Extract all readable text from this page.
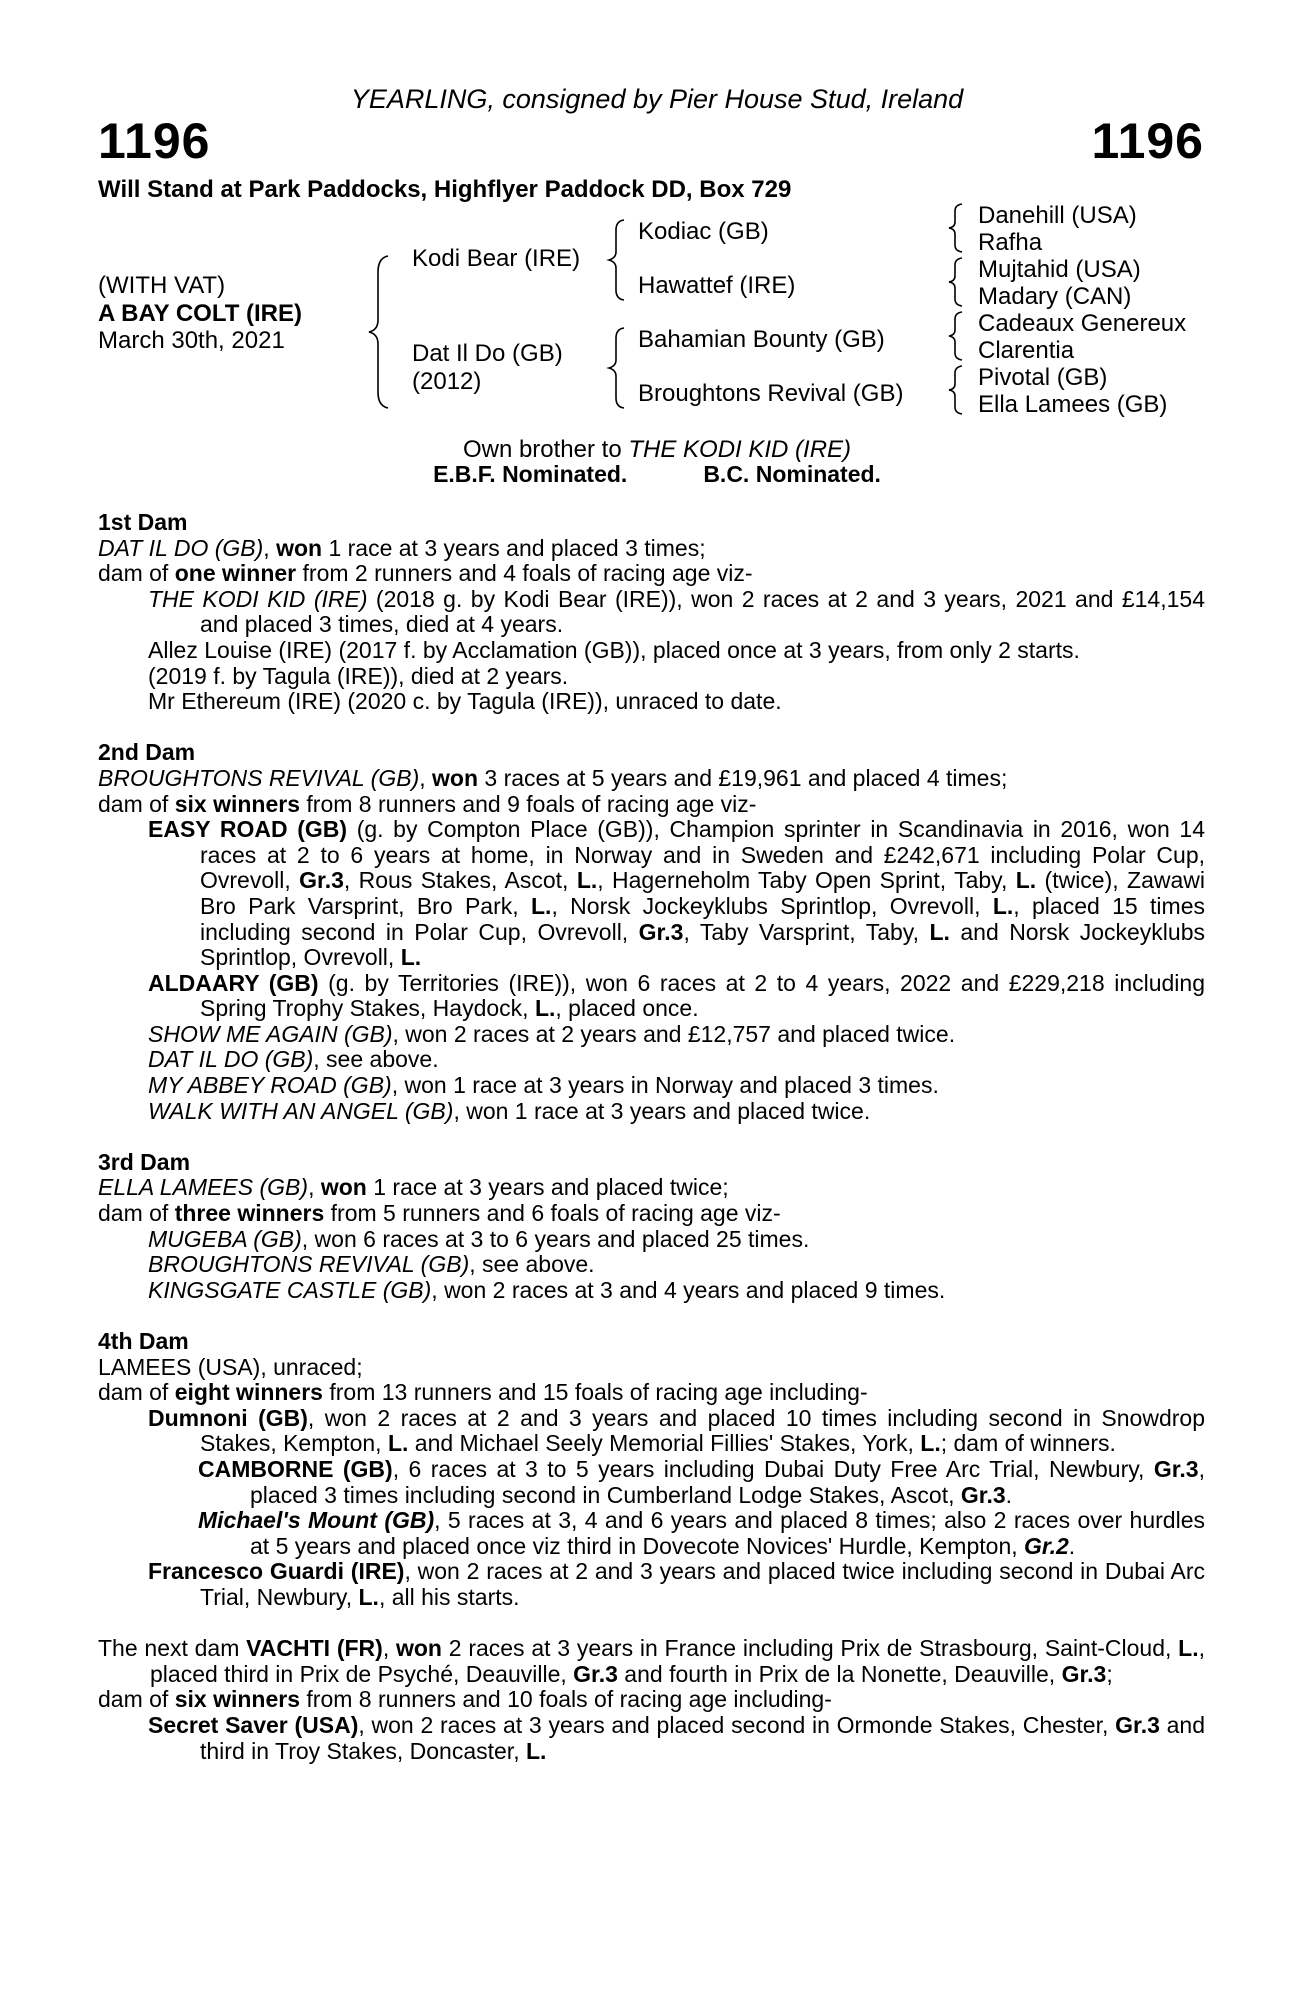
YEARLING, consigned by Pier House Stud, Ireland
1196	1196
Will Stand at Park Paddocks, Highflyer Paddock DD, Box 729
(WITH VAT)
A BAY COLT (IRE)
March 30th, 2021
Kodi Bear (IRE)
Dat Il Do (GB)
(2012)
Kodiac (GB)
Hawattef (IRE)
Bahamian Bounty (GB)
Broughtons Revival (GB)
Danehill (USA)
Rafha
Mujtahid (USA)
Madary (CAN)
Cadeaux Genereux
Clarentia
Pivotal (GB)
Ella Lamees (GB)
Own brother to THE KODI KID (IRE)
E.B.F. Nominated.	B.C. Nominated.

1st Dam

DAT IL DO (GB), won 1 race at 3 years and placed 3 times;

dam of one winner from 2 runners and 4 foals of racing age viz-

THE KODI KID (IRE) (2018 g. by Kodi Bear (IRE)), won 2 races at 2 and 3 years, 2021 and £14,154 and placed 3 times, died at 4 years.

Allez Louise (IRE) (2017 f. by Acclamation (GB)), placed once at 3 years, from only 2 starts.

(2019 f. by Tagula (IRE)), died at 2 years.

Mr Ethereum (IRE) (2020 c. by Tagula (IRE)), unraced to date.

2nd Dam

BROUGHTONS REVIVAL (GB), won 3 races at 5 years and £19,961 and placed 4 times;

dam of six winners from 8 runners and 9 foals of racing age viz-

EASY ROAD (GB) (g. by Compton Place (GB)), Champion sprinter in Scandinavia in 2016, won 14 races at 2 to 6 years at home, in Norway and in Sweden and £242,671 including Polar Cup, Ovrevoll, Gr.3, Rous Stakes, Ascot, L., Hagerneholm Taby Open Sprint, Taby, L. (twice), Zawawi Bro Park Varsprint, Bro Park, L., Norsk Jockeyklubs Sprintlop, Ovrevoll, L., placed 15 times including second in Polar Cup, Ovrevoll, Gr.3, Taby Varsprint, Taby, L. and Norsk Jockeyklubs Sprintlop, Ovrevoll, L.

ALDAARY (GB) (g. by Territories (IRE)), won 6 races at 2 to 4 years, 2022 and £229,218 including Spring Trophy Stakes, Haydock, L., placed once.

SHOW ME AGAIN (GB), won 2 races at 2 years and £12,757 and placed twice.

DAT IL DO (GB), see above.

MY ABBEY ROAD (GB), won 1 race at 3 years in Norway and placed 3 times.

WALK WITH AN ANGEL (GB), won 1 race at 3 years and placed twice.

3rd Dam

ELLA LAMEES (GB), won 1 race at 3 years and placed twice;

dam of three winners from 5 runners and 6 foals of racing age viz-

MUGEBA (GB), won 6 races at 3 to 6 years and placed 25 times.

BROUGHTONS REVIVAL (GB), see above.

KINGSGATE CASTLE (GB), won 2 races at 3 and 4 years and placed 9 times.

4th Dam

LAMEES (USA), unraced;

dam of eight winners from 13 runners and 15 foals of racing age including-

Dumnoni (GB), won 2 races at 2 and 3 years and placed 10 times including second in Snowdrop Stakes, Kempton, L. and Michael Seely Memorial Fillies' Stakes, York, L.; dam of winners.

CAMBORNE (GB), 6 races at 3 to 5 years including Dubai Duty Free Arc Trial, Newbury, Gr.3, placed 3 times including second in Cumberland Lodge Stakes, Ascot, Gr.3.

Michael's Mount (GB), 5 races at 3, 4 and 6 years and placed 8 times; also 2 races over hurdles at 5 years and placed once viz third in Dovecote Novices' Hurdle, Kempton, Gr.2.

Francesco Guardi (IRE), won 2 races at 2 and 3 years and placed twice including second in Dubai Arc Trial, Newbury, L., all his starts.

The next dam VACHTI (FR), won 2 races at 3 years in France including Prix de Strasbourg, Saint-Cloud, L., placed third in Prix de Psyché, Deauville, Gr.3 and fourth in Prix de la Nonette, Deauville, Gr.3;

dam of six winners from 8 runners and 10 foals of racing age including-

Secret Saver (USA), won 2 races at 3 years and placed second in Ormonde Stakes, Chester, Gr.3 and third in Troy Stakes, Doncaster, L.
